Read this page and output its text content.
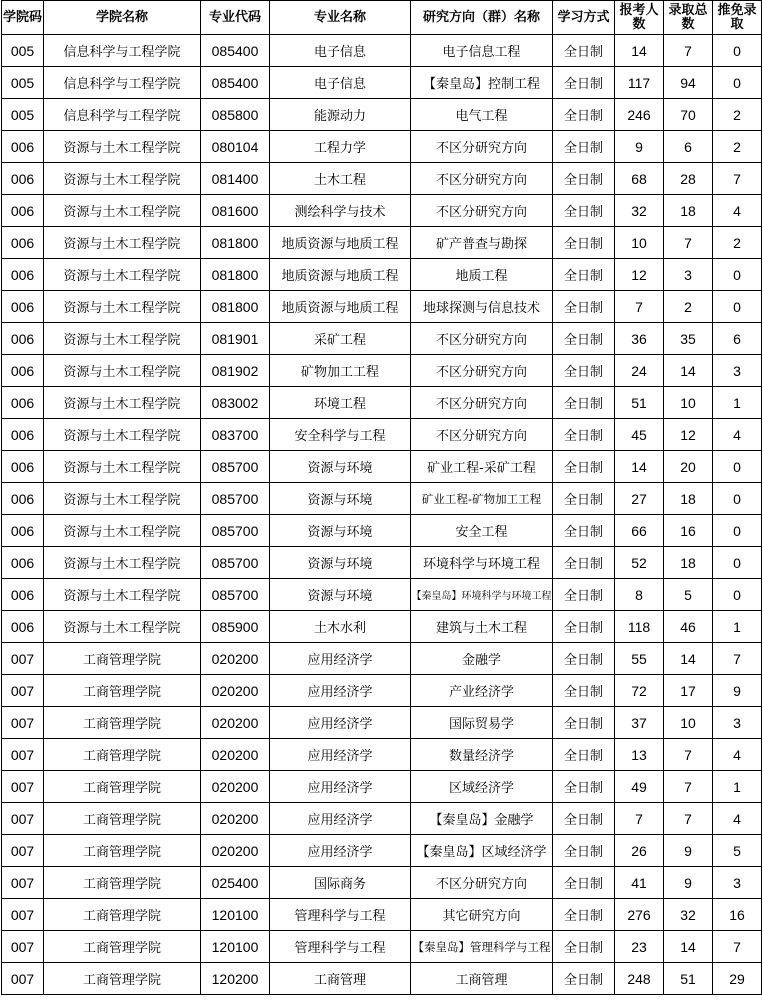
学院码	学院名称	专业代码	专业名称	研究方向（群）名称	学习方式	报考人数	录取总数	推免录取
005	信息科学与工程学院	085400	电子信息	电子信息工程	全日制	14	7	0
005	信息科学与工程学院	085400	电子信息	【秦皇岛】控制工程	全日制	117	94	0
005	信息科学与工程学院	085800	能源动力	电气工程	全日制	246	70	2
006	资源与土木工程学院	080104	工程力学	不区分研究方向	全日制	9	6	2
006	资源与土木工程学院	081400	土木工程	不区分研究方向	全日制	68	28	7
006	资源与土木工程学院	081600	测绘科学与技术	不区分研究方向	全日制	32	18	4
006	资源与土木工程学院	081800	地质资源与地质工程	矿产普查与勘探	全日制	10	7	2
006	资源与土木工程学院	081800	地质资源与地质工程	地质工程	全日制	12	3	0
006	资源与土木工程学院	081800	地质资源与地质工程	地球探测与信息技术	全日制	7	2	0
006	资源与土木工程学院	081901	采矿工程	不区分研究方向	全日制	36	35	6
006	资源与土木工程学院	081902	矿物加工工程	不区分研究方向	全日制	24	14	3
006	资源与土木工程学院	083002	环境工程	不区分研究方向	全日制	51	10	1
006	资源与土木工程学院	083700	安全科学与工程	不区分研究方向	全日制	45	12	4
006	资源与土木工程学院	085700	资源与环境	矿业工程-采矿工程	全日制	14	20	0
006	资源与土木工程学院	085700	资源与环境	矿业工程-矿物加工工程	全日制	27	18	0
006	资源与土木工程学院	085700	资源与环境	安全工程	全日制	66	16	0
006	资源与土木工程学院	085700	资源与环境	环境科学与环境工程	全日制	52	18	0
006	资源与土木工程学院	085700	资源与环境	【秦皇岛】环境科学与环境工程	全日制	8	5	0
006	资源与土木工程学院	085900	土木水利	建筑与土木工程	全日制	118	46	1
007	工商管理学院	020200	应用经济学	金融学	全日制	55	14	7
007	工商管理学院	020200	应用经济学	产业经济学	全日制	72	17	9
007	工商管理学院	020200	应用经济学	国际贸易学	全日制	37	10	3
007	工商管理学院	020200	应用经济学	数量经济学	全日制	13	7	4
007	工商管理学院	020200	应用经济学	区域经济学	全日制	49	7	1
007	工商管理学院	020200	应用经济学	【秦皇岛】金融学	全日制	7	7	4
007	工商管理学院	020200	应用经济学	【秦皇岛】区域经济学	全日制	26	9	5
007	工商管理学院	025400	国际商务	不区分研究方向	全日制	41	9	3
007	工商管理学院	120100	管理科学与工程	其它研究方向	全日制	276	32	16
007	工商管理学院	120100	管理科学与工程	【秦皇岛】管理科学与工程	全日制	23	14	7
007	工商管理学院	120200	工商管理	工商管理	全日制	248	51	29
